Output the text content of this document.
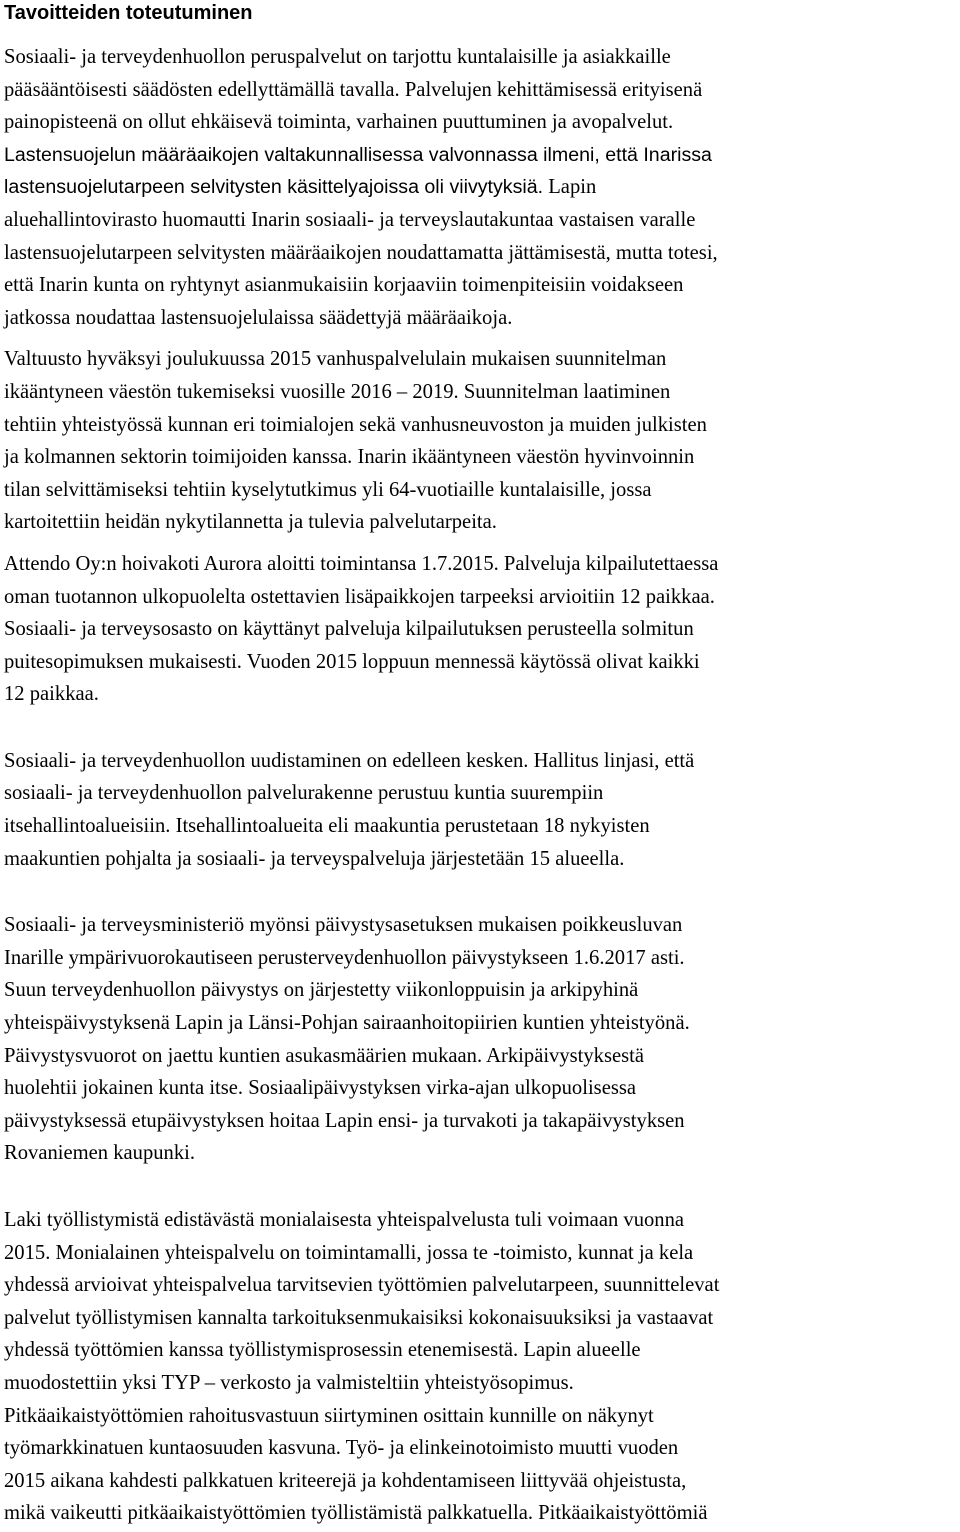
Tavoitteiden toteutuminen

Sosiaali- ja terveydenhuollon peruspalvelut on tarjottu kuntalaisille ja asiakkaille
pääsääntöisesti säädösten edellyttämällä tavalla. Palvelujen kehittämisessä erityisenä
painopisteenä on ollut ehkäisevä toiminta, varhainen puuttuminen ja avopalvelut.
Lastensuojelun määräaikojen valtakunnallisessa valvonnassa ilmeni, että Inarissa
lastensuojelutarpeen selvitysten käsittelyajoissa oli viivytyksiä. Lapin
aluehallintovirasto huomautti Inarin sosiaali- ja terveyslautakuntaa vastaisen varalle
lastensuojelutarpeen selvitysten määräaikojen noudattamatta jättämisestä, mutta totesi,
että Inarin kunta on ryhtynyt asianmukaisiin korjaaviin toimenpiteisiin voidakseen
jatkossa noudattaa lastensuojelulaissa säädettyjä määräaikoja.

Valtuusto hyväksyi joulukuussa 2015 vanhuspalvelulain mukaisen suunnitelman
ikääntyneen väestön tukemiseksi vuosille 2016 – 2019. Suunnitelman laatiminen
tehtiin yhteistyössä kunnan eri toimialojen sekä vanhusneuvoston ja muiden julkisten
ja kolmannen sektorin toimijoiden kanssa. Inarin ikääntyneen väestön hyvinvoinnin
tilan selvittämiseksi tehtiin kyselytutkimus yli 64-vuotiaille kuntalaisille, jossa
kartoitettiin heidän nykytilannetta ja tulevia palvelutarpeita.

Attendo Oy:n hoivakoti Aurora aloitti toimintansa 1.7.2015. Palveluja kilpailutettaessa
oman tuotannon ulkopuolelta ostettavien lisäpaikkojen tarpeeksi arvioitiin 12 paikkaa.
Sosiaali- ja terveysosasto on käyttänyt palveluja kilpailutuksen perusteella solmitun
puitesopimuksen mukaisesti. Vuoden 2015 loppuun mennessä käytössä olivat kaikki
12 paikkaa.

Sosiaali- ja terveydenhuollon uudistaminen on edelleen kesken. Hallitus linjasi, että
sosiaali- ja terveydenhuollon palvelurakenne perustuu kuntia suurempiin
itsehallintoalueisiin. Itsehallintoalueita eli maakuntia perustetaan 18 nykyisten
maakuntien pohjalta ja sosiaali- ja terveyspalveluja järjestetään 15 alueella.

Sosiaali- ja terveysministeriö myönsi päivystysasetuksen mukaisen poikkeusluvan
Inarille ympärivuorokautiseen perusterveydenhuollon päivystykseen 1.6.2017 asti.
Suun terveydenhuollon päivystys on järjestetty viikonloppuisin ja arkipyhinä
yhteispäivystyksenä Lapin ja Länsi-Pohjan sairaanhoitopiirien kuntien yhteistyönä.
Päivystysvuorot on jaettu kuntien asukasmäärien mukaan. Arkipäivystyksestä
huolehtii jokainen kunta itse. Sosiaalipäivystyksen virka-ajan ulkopuolisessa
päivystyksessä etupäivystyksen hoitaa Lapin ensi- ja turvakoti ja takapäivystyksen
Rovaniemen kaupunki.

Laki työllistymistä edistävästä monialaisesta yhteispalvelusta tuli voimaan vuonna
2015. Monialainen yhteispalvelu on toimintamalli, jossa te -toimisto, kunnat ja kela
yhdessä arvioivat yhteispalvelua tarvitsevien työttömien palvelutarpeen, suunnittelevat
palvelut työllistymisen kannalta tarkoituksenmukaisiksi kokonaisuuksiksi ja vastaavat
yhdessä työttömien kanssa työllistymisprosessin etenemisestä. Lapin alueelle
muodostettiin yksi TYP – verkosto ja valmisteltiin yhteistyösopimus.
Pitkäaikaistyöttömien rahoitusvastuun siirtyminen osittain kunnille on näkynyt
työmarkkinatuen kuntaosuuden kasvuna. Työ- ja elinkeinotoimisto muutti vuoden
2015 aikana kahdesti palkkatuen kriteerejä ja kohdentamiseen liittyvää ohjeistusta,
mikä vaikeutti pitkäaikaistyöttömien työllistämistä palkkatuella. Pitkäaikaistyöttömiä
